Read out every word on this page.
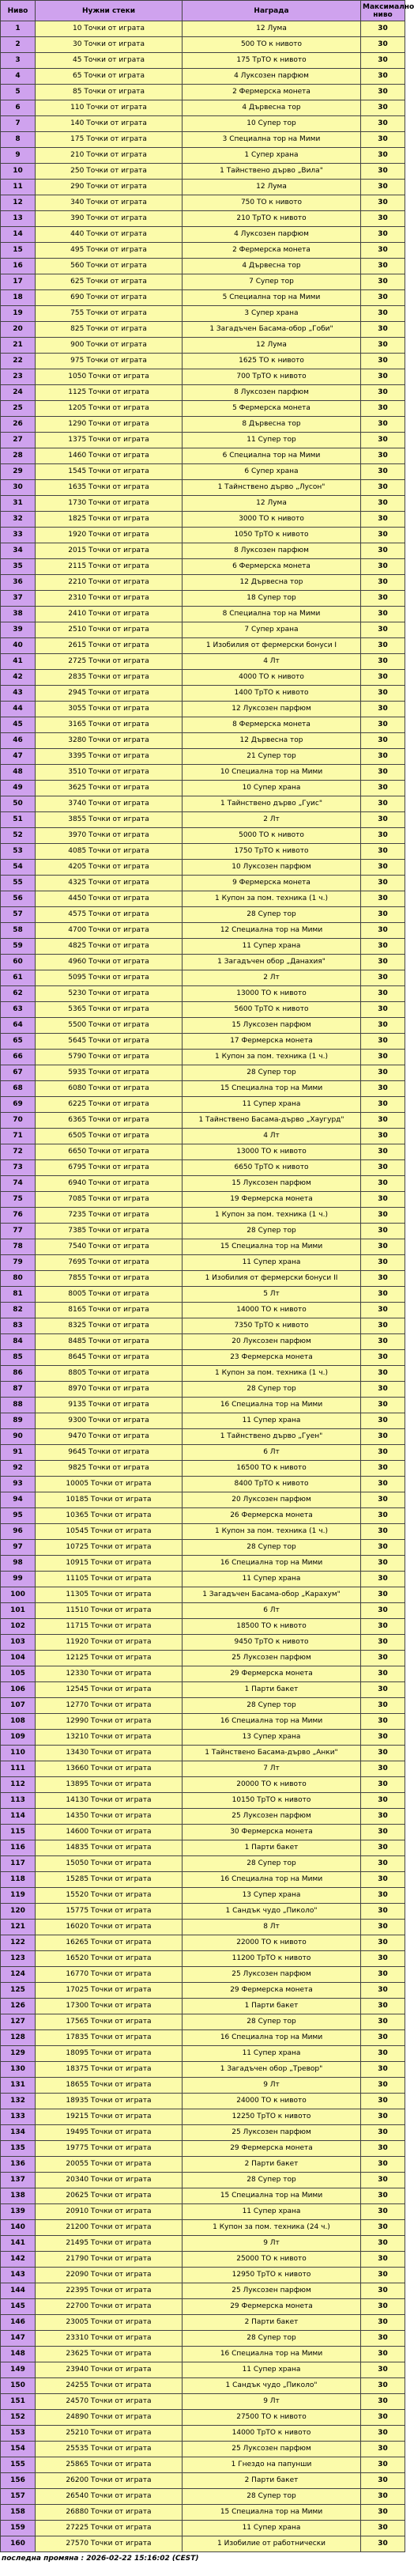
Ниво	Нужни стеки	Награда	Максимално ниво
1	10 Точки от играта	12 Лума	30
2	30 Точки от играта	500 ТО к нивото	30
3	45 Точки от играта	175 ТрТО к нивото	30
4	65 Точки от играта	4 Луксозен парфюм	30
5	85 Точки от играта	2 Фермерска монета	30
6	110 Точки от играта	4 Дървесна тор	30
7	140 Точки от играта	10 Супер тор	30
8	175 Точки от играта	3 Специална тор на Мими	30
9	210 Точки от играта	1 Супер храна	30
10	250 Точки от играта	1 Тайнствено дърво „Вила"	30
11	290 Точки от играта	12 Лума	30
12	340 Точки от играта	750 ТО к нивото	30
13	390 Точки от играта	210 ТрТО к нивото	30
14	440 Точки от играта	4 Луксозен парфюм	30
15	495 Точки от играта	2 Фермерска монета	30
16	560 Точки от играта	4 Дървесна тор	30
17	625 Точки от играта	7 Супер тор	30
18	690 Точки от играта	5 Специална тор на Мими	30
19	755 Точки от играта	3 Супер храна	30
20	825 Точки от играта	1 Загадъчен Басама-обор „Гоби"	30
21	900 Точки от играта	12 Лума	30
22	975 Точки от играта	1625 ТО к нивото	30
23	1050 Точки от играта	700 ТрТО к нивото	30
24	1125 Точки от играта	8 Луксозен парфюм	30
25	1205 Точки от играта	5 Фермерска монета	30
26	1290 Точки от играта	8 Дървесна тор	30
27	1375 Точки от играта	11 Супер тор	30
28	1460 Точки от играта	6 Специална тор на Мими	30
29	1545 Точки от играта	6 Супер храна	30
30	1635 Точки от играта	1 Тайнствено дърво „Лусон"	30
31	1730 Точки от играта	12 Лума	30
32	1825 Точки от играта	3000 ТО к нивото	30
33	1920 Точки от играта	1050 ТрТО к нивото	30
34	2015 Точки от играта	8 Луксозен парфюм	30
35	2115 Точки от играта	6 Фермерска монета	30
36	2210 Точки от играта	12 Дървесна тор	30
37	2310 Точки от играта	18 Супер тор	30
38	2410 Точки от играта	8 Специална тор на Мими	30
39	2510 Точки от играта	7 Супер храна	30
40	2615 Точки от играта	1 Изобилия от фермерски бонуси I	30
41	2725 Точки от играта	4 Лт	30
42	2835 Точки от играта	4000 ТО к нивото	30
43	2945 Точки от играта	1400 ТрТО к нивото	30
44	3055 Точки от играта	12 Луксозен парфюм	30
45	3165 Точки от играта	8 Фермерска монета	30
46	3280 Точки от играта	12 Дървесна тор	30
47	3395 Точки от играта	21 Супер тор	30
48	3510 Точки от играта	10 Специална тор на Мими	30
49	3625 Точки от играта	10 Супер храна	30
50	3740 Точки от играта	1 Тайнствено дърво „Гуис"	30
51	3855 Точки от играта	2 Лт	30
52	3970 Точки от играта	5000 ТО к нивото	30
53	4085 Точки от играта	1750 ТрТО к нивото	30
54	4205 Точки от играта	10 Луксозен парфюм	30
55	4325 Точки от играта	9 Фермерска монета	30
56	4450 Точки от играта	1 Купон за пом. техника (1 ч.)	30
57	4575 Точки от играта	28 Супер тор	30
58	4700 Точки от играта	12 Специална тор на Мими	30
59	4825 Точки от играта	11 Супер храна	30
60	4960 Точки от играта	1 Загадъчен обор „Данахия"	30
61	5095 Точки от играта	2 Лт	30
62	5230 Точки от играта	13000 ТО к нивото	30
63	5365 Точки от играта	5600 ТрТО к нивото	30
64	5500 Точки от играта	15 Луксозен парфюм	30
65	5645 Точки от играта	17 Фермерска монета	30
66	5790 Точки от играта	1 Купон за пом. техника (1 ч.)	30
67	5935 Точки от играта	28 Супер тор	30
68	6080 Точки от играта	15 Специална тор на Мими	30
69	6225 Точки от играта	11 Супер храна	30
70	6365 Точки от играта	1 Тайнствено Басама-дърво „Хаугурд"	30
71	6505 Точки от играта	4 Лт	30
72	6650 Точки от играта	13000 ТО к нивото	30
73	6795 Точки от играта	6650 ТрТО к нивото	30
74	6940 Точки от играта	15 Луксозен парфюм	30
75	7085 Точки от играта	19 Фермерска монета	30
76	7235 Точки от играта	1 Купон за пом. техника (1 ч.)	30
77	7385 Точки от играта	28 Супер тор	30
78	7540 Точки от играта	15 Специална тор на Мими	30
79	7695 Точки от играта	11 Супер храна	30
80	7855 Точки от играта	1 Изобилия от фермерски бонуси II	30
81	8005 Точки от играта	5 Лт	30
82	8165 Точки от играта	14000 ТО к нивото	30
83	8325 Точки от играта	7350 ТрТО к нивото	30
84	8485 Точки от играта	20 Луксозен парфюм	30
85	8645 Точки от играта	23 Фермерска монета	30
86	8805 Точки от играта	1 Купон за пом. техника (1 ч.)	30
87	8970 Точки от играта	28 Супер тор	30
88	9135 Точки от играта	16 Специална тор на Мими	30
89	9300 Точки от играта	11 Супер храна	30
90	9470 Точки от играта	1 Тайнствено дърво „Гуен"	30
91	9645 Точки от играта	6 Лт	30
92	9825 Точки от играта	16500 ТО к нивото	30
93	10005 Точки от играта	8400 ТрТО к нивото	30
94	10185 Точки от играта	20 Луксозен парфюм	30
95	10365 Точки от играта	26 Фермерска монета	30
96	10545 Точки от играта	1 Купон за пом. техника (1 ч.)	30
97	10725 Точки от играта	28 Супер тор	30
98	10915 Точки от играта	16 Специална тор на Мими	30
99	11105 Точки от играта	11 Супер храна	30
100	11305 Точки от играта	1 Загадъчен Басама-обор „Карахум"	30
101	11510 Точки от играта	6 Лт	30
102	11715 Точки от играта	18500 ТО к нивото	30
103	11920 Точки от играта	9450 ТрТО к нивото	30
104	12125 Точки от играта	25 Луксозен парфюм	30
105	12330 Точки от играта	29 Фермерска монета	30
106	12545 Точки от играта	1 Парти бакет	30
107	12770 Точки от играта	28 Супер тор	30
108	12990 Точки от играта	16 Специална тор на Мими	30
109	13210 Точки от играта	13 Супер храна	30
110	13430 Точки от играта	1 Тайнствено Басама-дърво „Анки"	30
111	13660 Точки от играта	7 Лт	30
112	13895 Точки от играта	20000 ТО к нивото	30
113	14130 Точки от играта	10150 ТрТО к нивото	30
114	14350 Точки от играта	25 Луксозен парфюм	30
115	14600 Точки от играта	30 Фермерска монета	30
116	14835 Точки от играта	1 Парти бакет	30
117	15050 Точки от играта	28 Супер тор	30
118	15285 Точки от играта	16 Специална тор на Мими	30
119	15520 Точки от играта	13 Супер храна	30
120	15775 Точки от играта	1 Сандък чудо „Пиколо"	30
121	16020 Точки от играта	8 Лт	30
122	16265 Точки от играта	22000 ТО к нивото	30
123	16520 Точки от играта	11200 ТрТО к нивото	30
124	16770 Точки от играта	25 Луксозен парфюм	30
125	17025 Точки от играта	29 Фермерска монета	30
126	17300 Точки от играта	1 Парти бакет	30
127	17565 Точки от играта	28 Супер тор	30
128	17835 Точки от играта	16 Специална тор на Мими	30
129	18095 Точки от играта	11 Супер храна	30
130	18375 Точки от играта	1 Загадъчен обор „Тревор"	30
131	18655 Точки от играта	9 Лт	30
132	18935 Точки от играта	24000 ТО к нивото	30
133	19215 Точки от играта	12250 ТрТО к нивото	30
134	19495 Точки от играта	25 Луксозен парфюм	30
135	19775 Точки от играта	29 Фермерска монета	30
136	20055 Точки от играта	2 Парти бакет	30
137	20340 Точки от играта	28 Супер тор	30
138	20625 Точки от играта	15 Специална тор на Мими	30
139	20910 Точки от играта	11 Супер храна	30
140	21200 Точки от играта	1 Купон за пом. техника (24 ч.)	30
141	21495 Точки от играта	9 Лт	30
142	21790 Точки от играта	25000 ТО к нивото	30
143	22090 Точки от играта	12950 ТрТО к нивото	30
144	22395 Точки от играта	25 Луксозен парфюм	30
145	22700 Точки от играта	29 Фермерска монета	30
146	23005 Точки от играта	2 Парти бакет	30
147	23310 Точки от играта	28 Супер тор	30
148	23625 Точки от играта	16 Специална тор на Мими	30
149	23940 Точки от играта	11 Супер храна	30
150	24255 Точки от играта	1 Сандък чудо „Пиколо"	30
151	24570 Точки от играта	9 Лт	30
152	24890 Точки от играта	27500 ТО к нивото	30
153	25210 Точки от играта	14000 ТрТО к нивото	30
154	25535 Точки от играта	25 Луксозен парфюм	30
155	25865 Точки от играта	1 Гнездо на папунши	30
156	26200 Точки от играта	2 Парти бакет	30
157	26540 Точки от играта	28 Супер тор	30
158	26880 Точки от играта	15 Специална тор на Мими	30
159	27225 Точки от играта	11 Супер храна	30
160	27570 Точки от играта	1 Изобилие от работнически	30
последна промяна : 2026-02-22 15:16:02 (CEST)
